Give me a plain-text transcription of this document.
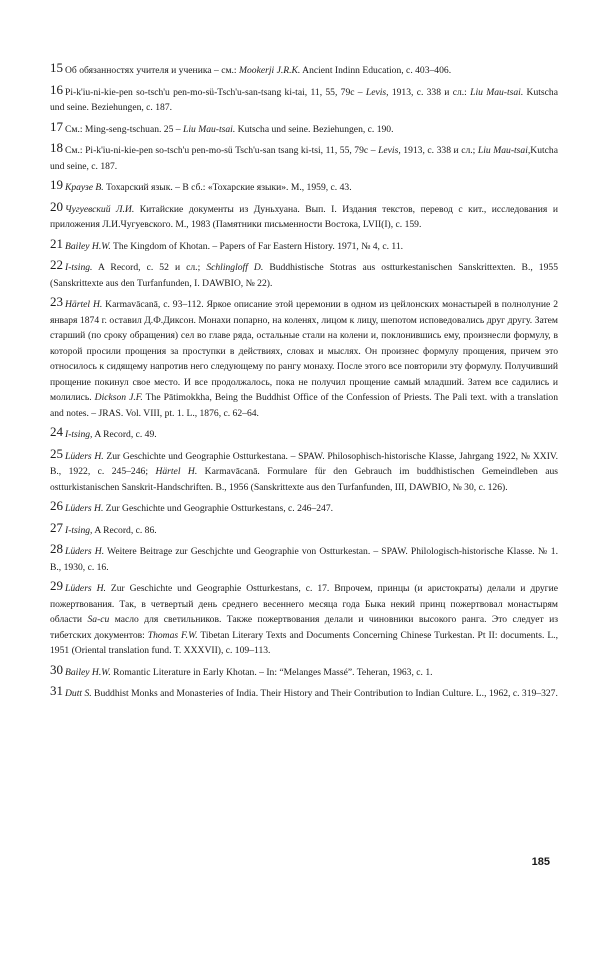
15 Об обязанностях учителя и ученика – см.: Mookerji J.R.K. Ancient Indinn Education, с. 403–406.

16 Pi-k'iu-ni-kie-pen so-tsch'u pen-mo-sü-Tsch'u-san-tsang ki-tai, 11, 55, 79c – Levis, 1913, с. 338 и сл.: Liu Mau-tsai. Kutscha und seine. Beziehungen, с. 187.

17 См.: Ming-seng-tschuan. 25 – Liu Mau-tsai. Kutscha und seine. Beziehungen, с. 190.

18 См.: Pi-k'iu-ni-kie-pen so-tsch'u pen-mo-sü Tsch'u-san tsang ki-tsi, 11, 55, 79c – Levis, 1913, с. 338 и сл.; Liu Mau-tsai,Kutcha und seine, с. 187.

19 Краузе В. Тохарский язык. – В сб.: «Тохарские языки». М., 1959, с. 43.

20 Чугуевский Л.И. Китайские документы из Дуньхуана. Вып. I. Издания текстов, перевод с кит., исследования и приложения Л.И.Чугуевского. М., 1983 (Памятники письменности Востока, LVII(I), с. 159.

21 Bailey H.W. The Kingdom of Khotan. – Papers of Far Eastern History. 1971, № 4, с. 11.

22 I-tsing. A Record, с. 52 и сл.; Schlingloff D. Buddhistische Stotras aus ostturkestanischen Sanskrittexten. B., 1955 (Sanskrittexte aus den Turfanfunden, I. DAWBIO, № 22).

23 Härtel H. Karmavācanā, с. 93–112. Яркое описание этой церемонии в одном из цейлонских монастырей в полнолуние 2 января 1874 г. оставил Д.Ф.Диксон. Монахи попарно, на коленях, лицом к лицу, шепотом исповедовались друг другу. Затем старший (по сроку обращения) сел во главе ряда, остальные стали на колени и, поклонившись ему, произнесли формулу, в которой просили прощения за проступки в действиях, словах и мыслях. Он произнес формулу прощения, причем это относилось к сидящему напротив него следующему по рангу монаху. После этого все повторили эту формулу. Получивший прощение покинул свое место. И все продолжалось, пока не получил прощение самый младший. Затем все садились и молились. Dickson J.F. The Pātimokkha, Being the Buddhist Office of the Confession of Priests. The Pali text. with a translation and notes. – JRAS. Vol. VIII, pt. 1. L., 1876, с. 62–64.

24 I-tsing, A Record, с. 49.

25 Lüders H. Zur Geschichte und Geographie Ostturkestana. – SPAW. Philosophisch-historische Klasse, Jahrgang 1922, № XXIV. B., 1922, с. 245–246; Härtel H. Karmavācanā. Formulare für den Gebrauch im buddhistischen Gemeindleben aus ostturkistanischen Sanskrit-Handschriften. B., 1956 (Sanskrittexte aus den Turfanfunden, III, DAWBIO, № 30, с. 126).

26 Lüders H. Zur Geschichte und Geographie Ostturkestans, с. 246–247.

27 I-tsing, A Record, с. 86.

28 Lüders H. Weitere Beitrage zur Geschjchte und Geographie von Ostturkestan. – SPAW. Philologisch-historische Klasse. № 1. B., 1930, с. 16.

29 Lüders H. Zur Geschichte und Geographie Ostturkestans, с. 17. Впрочем, принцы (и аристократы) делали и другие пожертвования. Так, в четвертый день среднего весеннего месяца года Быка некий принц пожертвовал монастырям области Sa-cu масло для светильников. Также пожертвования делали и чиновники высокого ранга. Это следует из тибетских документов: Thomas F.W. Tibetan Literary Texts and Documents Concerning Chinese Turkestan. Pt II: documents. L., 1951 (Oriental translation fund. T. XXXVII), с. 109–113.

30 Bailey H.W. Romantic Literature in Early Khotan. – In: “Melanges Massé”. Teheran, 1963, с. 1.

31 Dutt S. Buddhist Monks and Monasteries of India. Their History and Their Contribution to Indian Culture. L., 1962, с. 319–327.

185
